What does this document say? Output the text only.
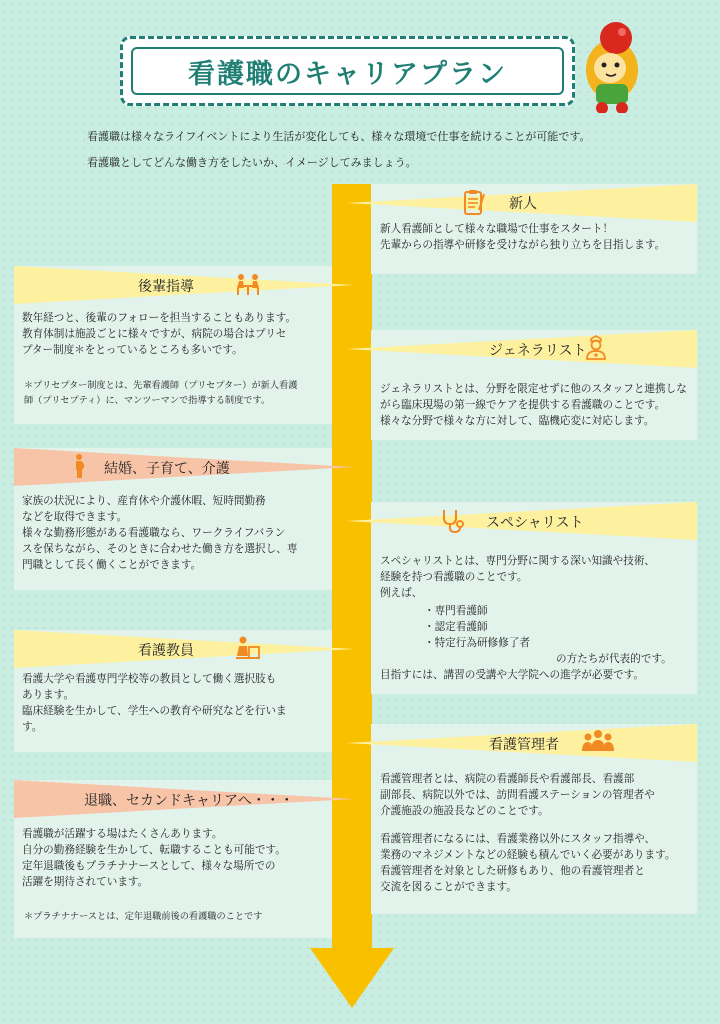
看護職のキャリアプラン
看護職は様々なライフイベントにより生活が変化しても、様々な環境で仕事を続けることが可能です。
看護職としてどんな働き方をしたいか、イメージしてみましょう。
新人
新人看護師として様々な職場で仕事をスタート！
先輩からの指導や研修を受けながら独り立ちを目指します。
後輩指導
数年経つと、後輩のフォローを担当することもあります。
教育体制は施設ごとに様々ですが、病院の場合はプリセ
プター制度＊をとっているところも多いです。
＊プリセプター制度とは、先輩看護師（プリセプター）が新人看護
師（プリセプティ）に、マンツーマンで指導する制度です。
ジェネラリスト
ジェネラリストとは、分野を限定せずに他のスタッフと連携しな
がら臨床現場の第一線でケアを提供する看護職のことです。
様々な分野で様々な方に対して、臨機応変に対応します。
結婚、子育て、介護
家族の状況により、産育休や介護休暇、短時間勤務
などを取得できます。
様々な勤務形態がある看護職なら、ワークライフバラン
スを保ちながら、そのときに合わせた働き方を選択し、専
門職として長く働くことができます。
スペシャリスト
スペシャリストとは、専門分野に関する深い知識や技術、
経験を持つ看護職のことです。
例えば、
・専門看護師
・認定看護師
・特定行為研修修了者
の方たちが代表的です。
目指すには、講習の受講や大学院への進学が必要です。
看護教員
看護大学や看護専門学校等の教員として働く選択肢も
あります。
臨床経験を生かして、学生への教育や研究などを行いま
す。
看護管理者
看護管理者とは、病院の看護師長や看護部長、看護部
副部長、病院以外では、訪問看護ステーションの管理者や
介護施設の施設長などのことです。
看護管理者になるには、看護業務以外にスタッフ指導や、
業務のマネジメントなどの経験も積んでいく必要があります。
看護管理者を対象とした研修もあり、他の看護管理者と
交流を図ることができます。
退職、セカンドキャリアへ・・・
看護職が活躍する場はたくさんあります。
自分の勤務経験を生かして、転職することも可能です。
定年退職後もプラチナナースとして、様々な場所での
活躍を期待されています。
＊プラチナナースとは、定年退職前後の看護職のことです
